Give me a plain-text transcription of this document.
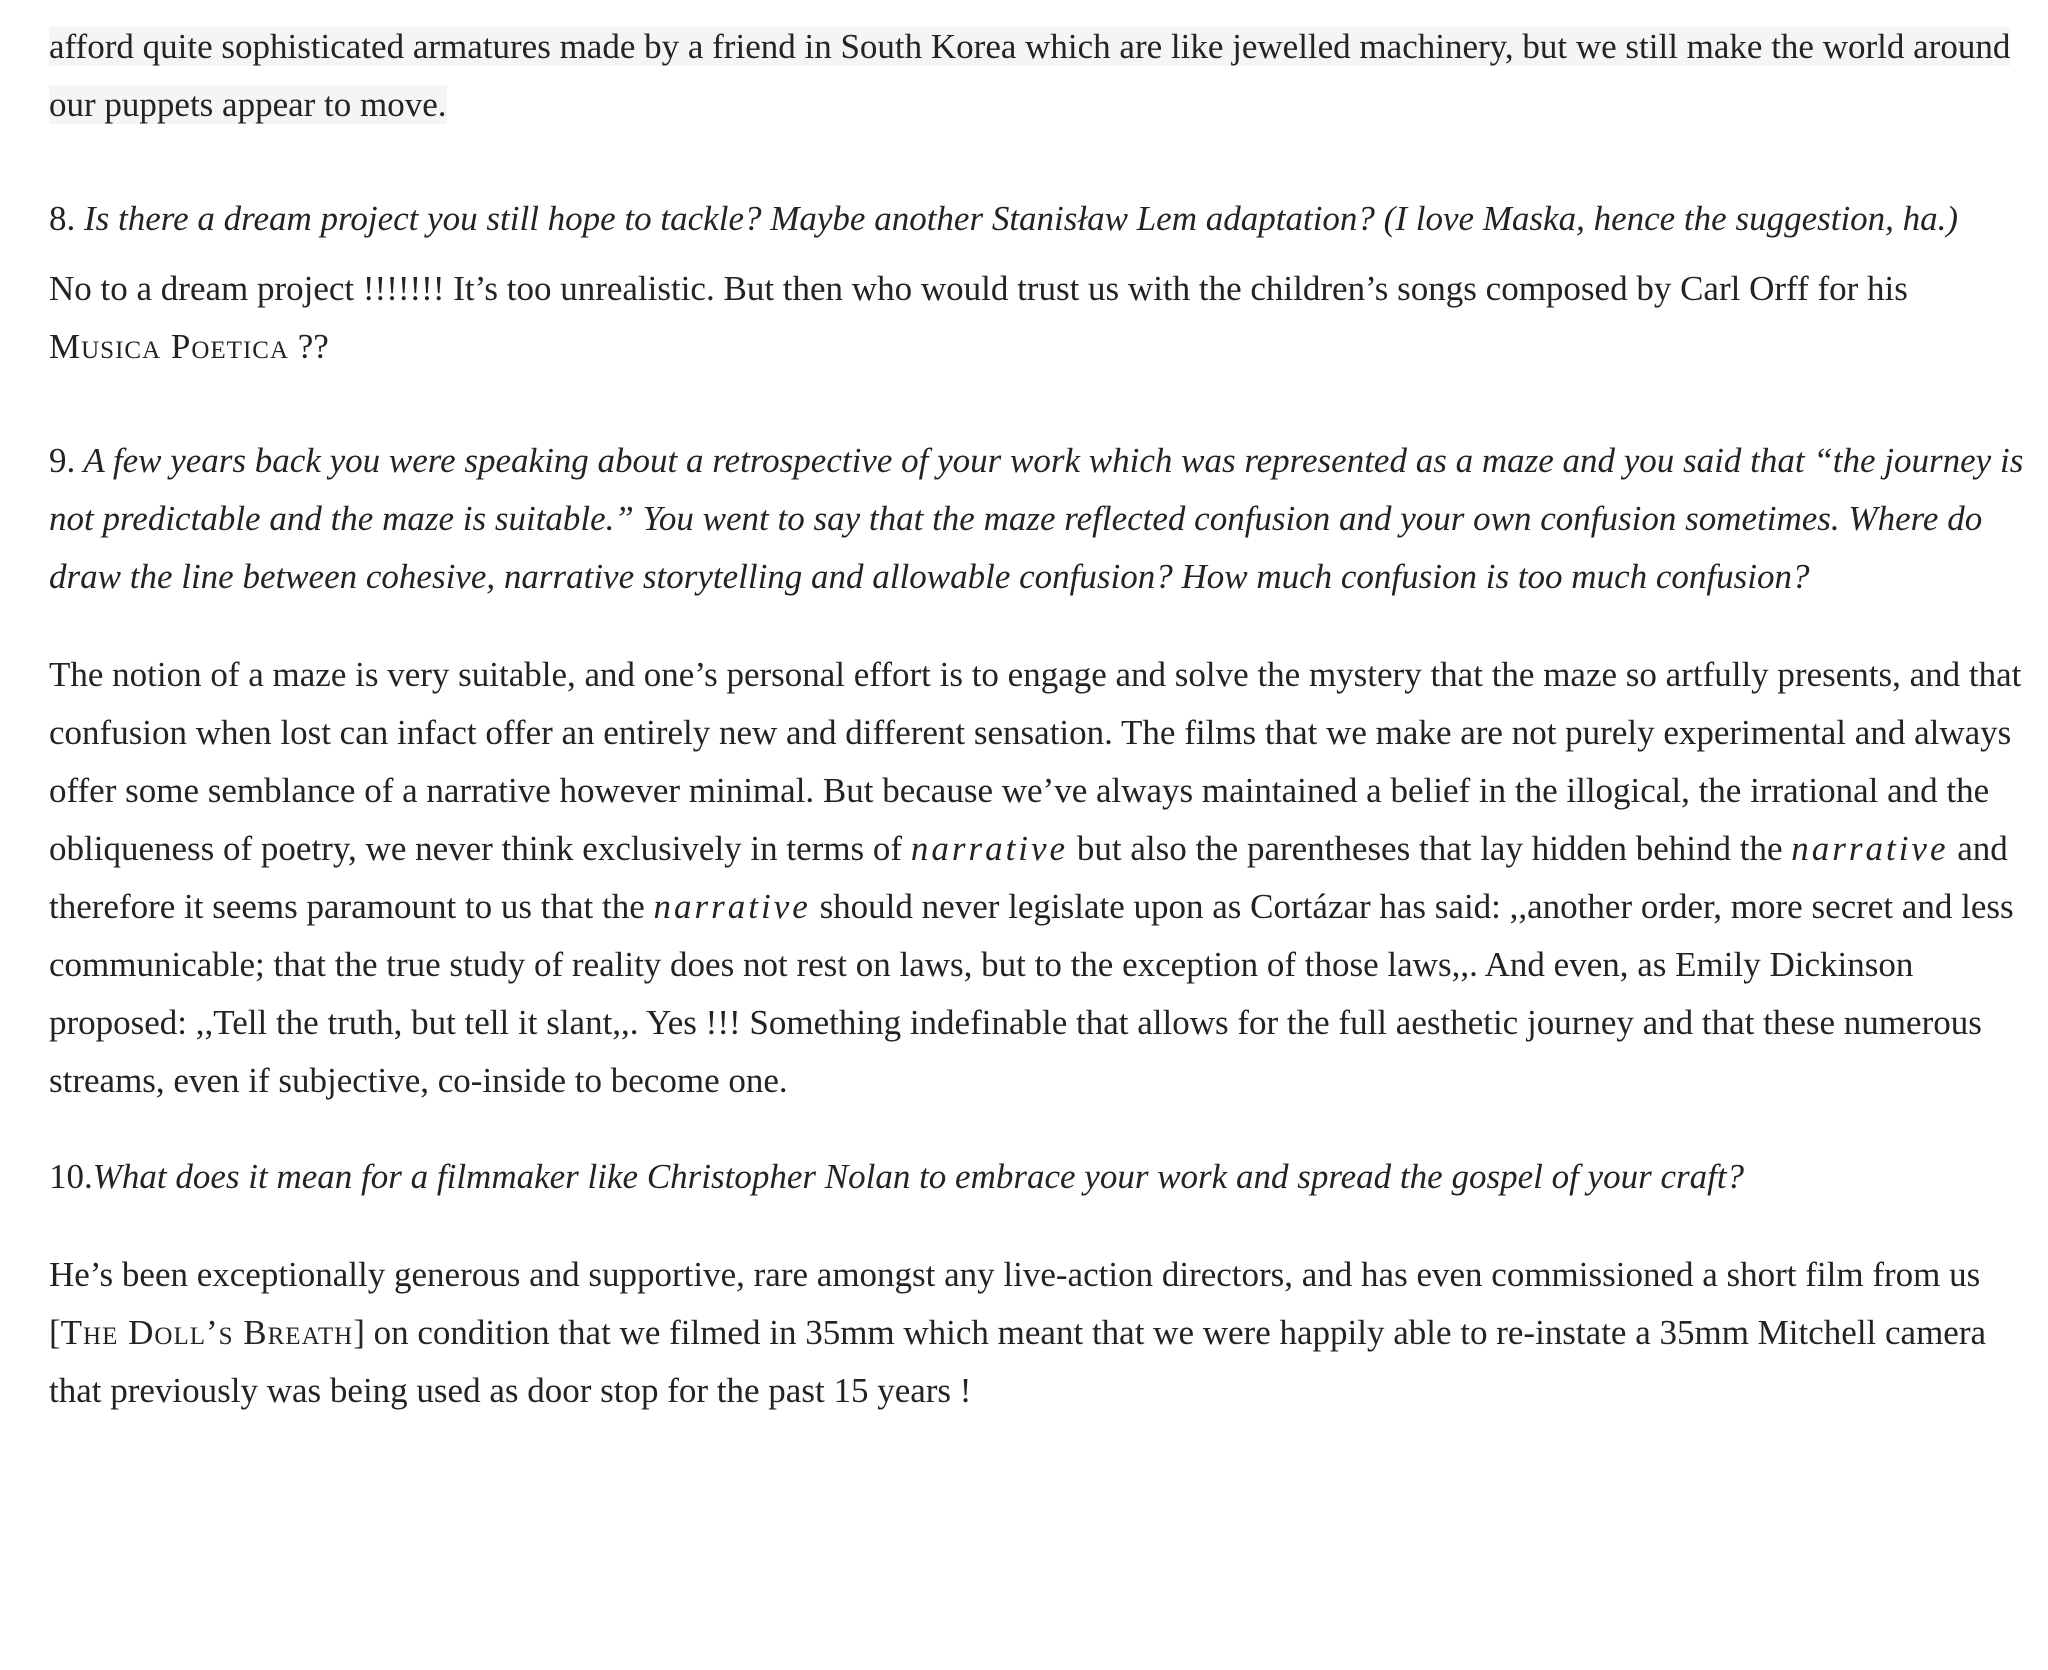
afford quite sophisticated armatures made by a friend in South Korea which are like jewelled machinery, but we still make the world around our puppets appear to move.

8. Is there a dream project you still hope to tackle? Maybe another Stanisław Lem adaptation? (I love Maska, hence the suggestion, ha.)

No to a dream project !!!!!!! It’s too unrealistic. But then who would trust us with the children’s songs composed by Carl Orff for his Musica Poetica ??

9. A few years back you were speaking about a retrospective of your work which was represented as a maze and you said that “the journey is not predictable and the maze is suitable.” You went to say that the maze reflected confusion and your own confusion sometimes. Where do draw the line between cohesive, narrative storytelling and allowable confusion? How much confusion is too much confusion?

The notion of a maze is very suitable, and one’s personal effort is to engage and solve the mystery that the maze so artfully presents, and that confusion when lost can infact offer an entirely new and different sensation. The films that we make are not purely experimental and always offer some semblance of a narrative however minimal. But because we’ve always maintained a belief in the illogical, the irrational and the obliqueness of poetry, we never think exclusively in terms of narrative but also the parentheses that lay hidden behind the narrative and therefore it seems paramount to us that the narrative should never legislate upon as Cortázar has said: ,,another order, more secret and less communicable; that the true study of reality does not rest on laws, but to the exception of those laws,,. And even, as Emily Dickinson proposed: ,,Tell the truth, but tell it slant,,. Yes !!! Something indefinable that allows for the full aesthetic journey and that these numerous streams, even if subjective, co-inside to become one.

10.What does it mean for a filmmaker like Christopher Nolan to embrace your work and spread the gospel of your craft?

He’s been exceptionally generous and supportive, rare amongst any live-action directors, and has even commissioned a short film from us [The Doll’s Breath] on condition that we filmed in 35mm which meant that we were happily able to re-instate a 35mm Mitchell camera that previously was being used as door stop for the past 15 years !
